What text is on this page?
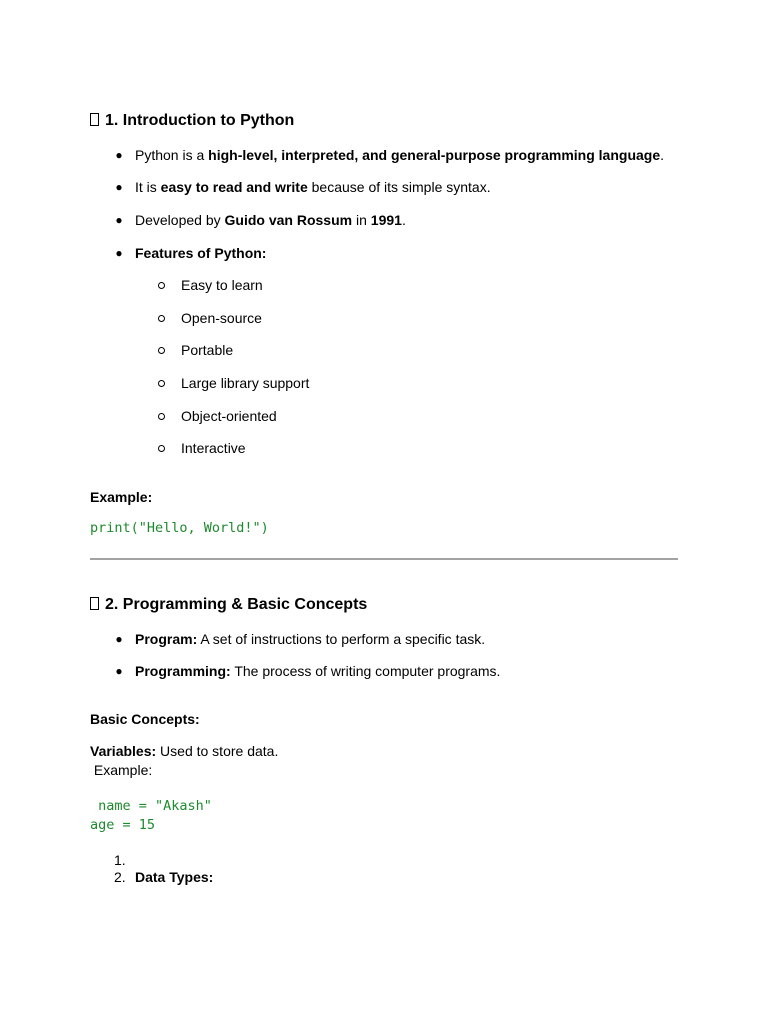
1. Introduction to Python
● Python is a high-level, interpreted, and general-purpose programming language.
● It is easy to read and write because of its simple syntax.
● Developed by Guido van Rossum in 1991.
● Features of Python:
Easy to learn
Open-source
Portable
Large library support
Object-oriented
Interactive
Example:
print("Hello, World!")
2. Programming & Basic Concepts
● Program: A set of instructions to perform a specific task.
● Programming: The process of writing computer programs.
Basic Concepts:
Variables: Used to store data.
Example:
name = "Akash"
age = 15
1.
2. Data Types:
